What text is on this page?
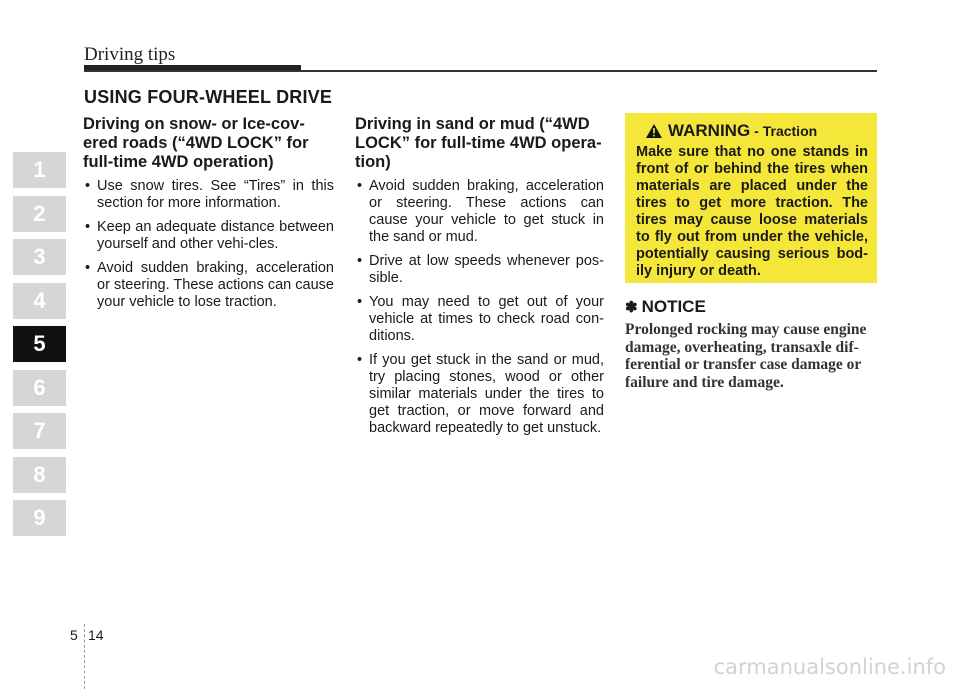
Driving tips
USING FOUR-WHEEL DRIVE
1
2
3
4
5
6
7
8
9
Driving on snow- or Ice-cov-ered roads (“4WD LOCK” for full-time 4WD operation)
• Use snow tires. See “Tires” in this section for more information.
• Keep an adequate distance between yourself and other vehi-cles.
• Avoid sudden braking, acceleration or steering. These actions can cause your vehicle to lose traction.
Driving in sand or mud (“4WD LOCK” for full-time 4WD opera-tion)
• Avoid sudden braking, acceleration or steering. These actions can cause your vehicle to get stuck in the sand or mud.
• Drive at low speeds whenever pos-sible.
• You may need to get out of your vehicle at times to check road con-ditions.
• If you get stuck in the sand or mud, try placing stones, wood or other similar materials under the tires to get traction, or move forward and backward repeatedly to get unstuck.
WARNING - Traction
Make sure that no one stands in front of or behind the tires when materials are placed under the tires to get more traction. The tires may cause loose materials to fly out from under the vehicle, potentially causing serious bod-ily injury or death.
✽ NOTICE
Prolonged rocking may cause engine damage, overheating, transaxle dif-ferential or transfer case damage or failure and tire damage.
5 14
carmanualsonline.info
